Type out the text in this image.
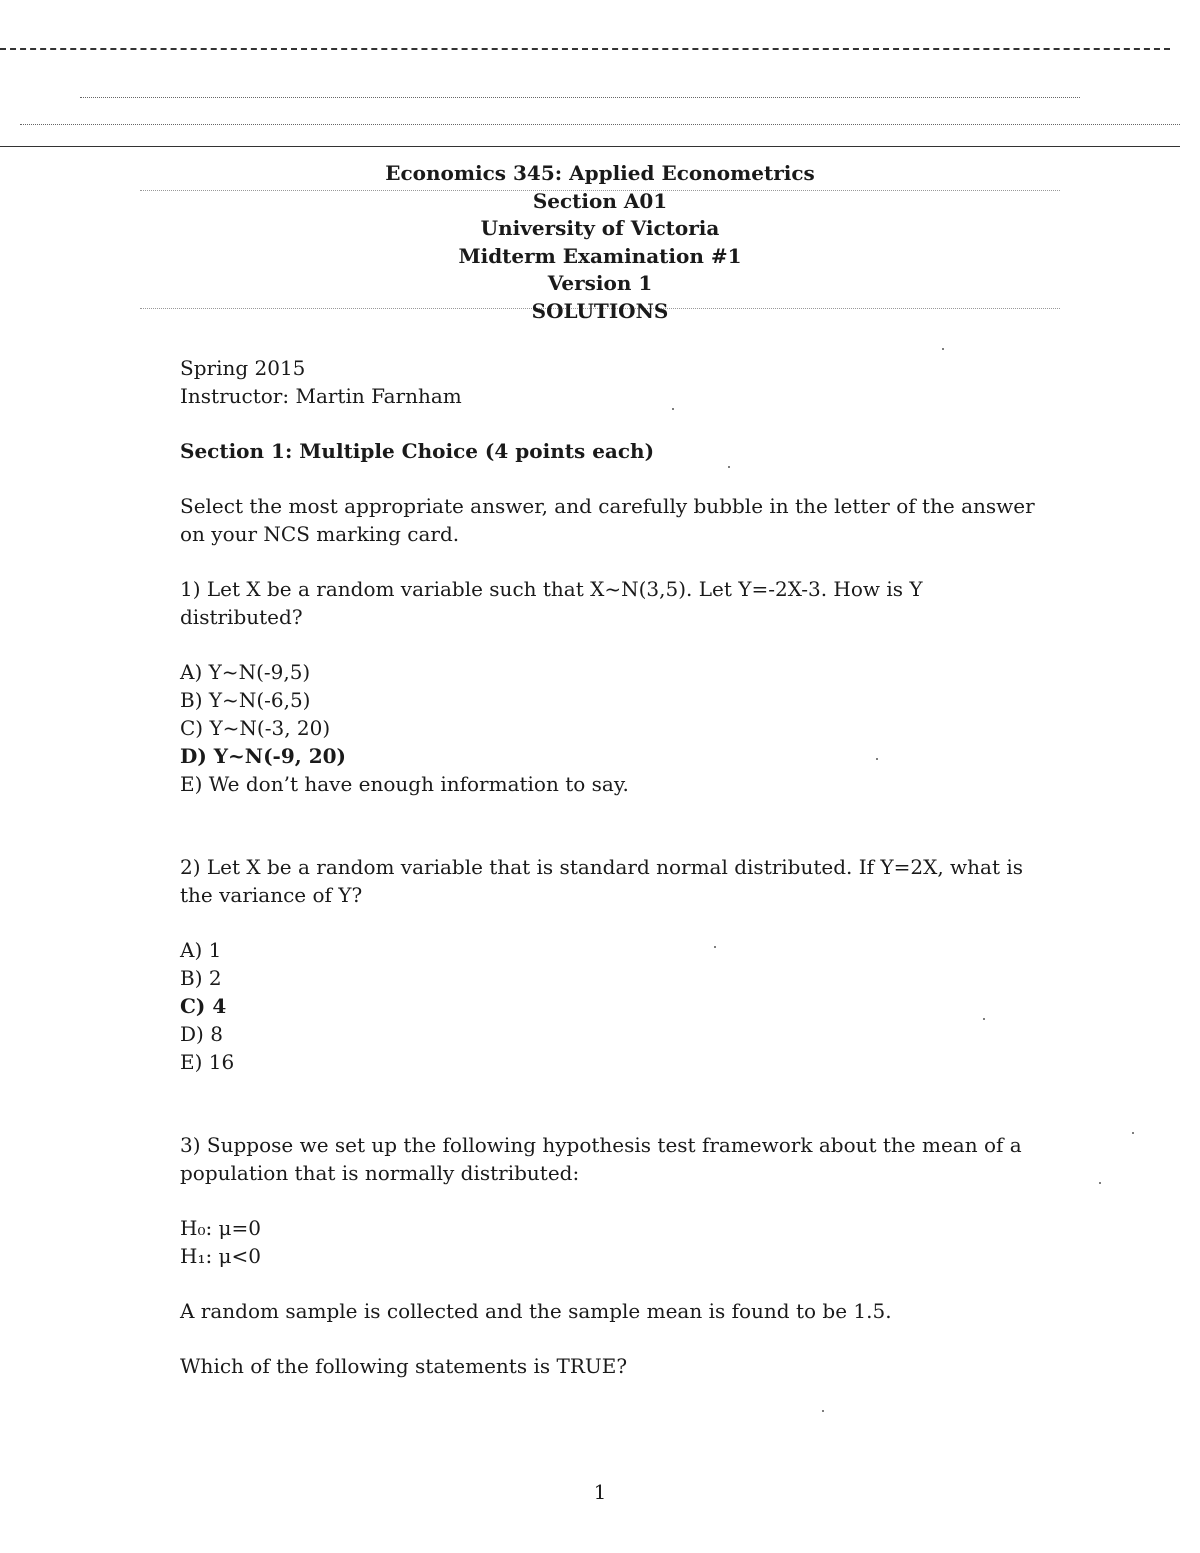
Economics 345: Applied Econometrics
Section A01
University of Victoria
Midterm Examination #1
Version 1
SOLUTIONS

Spring 2015

Instructor: Martin Farnham

Section 1: Multiple Choice (4 points each)

Select the most appropriate answer, and carefully bubble in the letter of the answer on your NCS marking card.

1) Let X be a random variable such that X~N(3,5). Let Y=-2X-3. How is Y distributed?

A) Y~N(-9,5)

B) Y~N(-6,5)

C) Y~N(-3, 20)

D) Y~N(-9, 20)

E) We don’t have enough information to say.

2) Let X be a random variable that is standard normal distributed. If Y=2X, what is the variance of Y?

A) 1

B) 2

C) 4

D) 8

E) 16

3) Suppose we set up the following hypothesis test framework about the mean of a population that is normally distributed:

H₀: μ=0

H₁: μ<0

A random sample is collected and the sample mean is found to be 1.5.

Which of the following statements is TRUE?

1
